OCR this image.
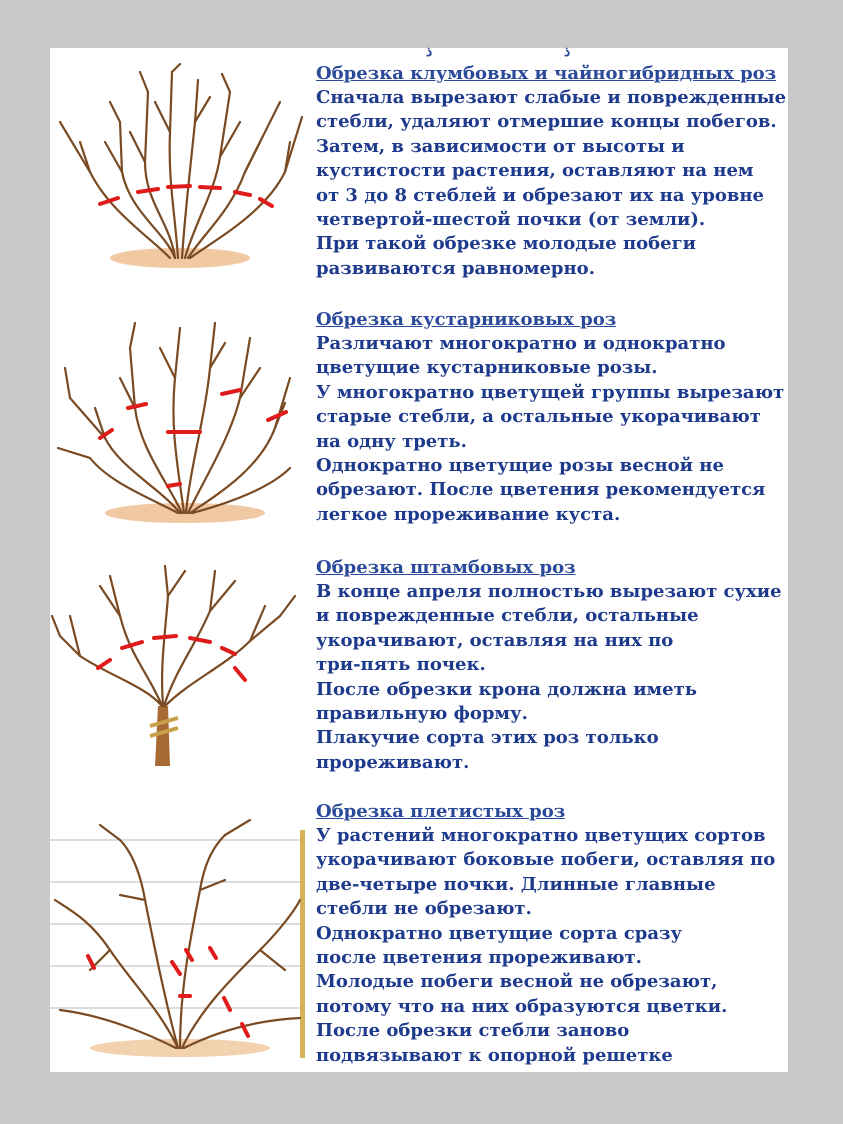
ذ	ذ
Обрезка клумбовых и чайногибридных роз
Сначала вырезают слабые и поврежденные
стебли, удаляют отмершие концы побегов.
Затем, в зависимости от высоты и
кустистости растения, оставляют на нем
от 3 до 8 стеблей и обрезают их на уровне
четвертой-шестой почки (от земли).
При такой обрезке молодые побеги
развиваются равномерно.
Обрезка кустарниковых роз
Различают многократно и однократно
цветущие кустарниковые розы.
У многократно цветущей группы вырезают
старые стебли, а остальные укорачивают
на одну треть.
Однократно цветущие розы весной не
обрезают. После цветения рекомендуется
легкое прореживание куста.
Обрезка штамбовых роз
В конце апреля полностью вырезают сухие
и поврежденные стебли, остальные
укорачивают, оставляя на них по
три-пять почек.
После обрезки крона должна иметь
правильную форму.
Плакучие сорта этих роз только
прореживают.
Обрезка плетистых роз
У растений многократно цветущих сортов
укорачивают боковые побеги, оставляя по
две-четыре почки. Длинные главные
стебли не обрезают.
Однократно цветущие сорта сразу
после цветения прореживают.
Молодые побеги весной не обрезают,
потому что на них образуются цветки.
После обрезки стебли заново
подвязывают к опорной решетке
